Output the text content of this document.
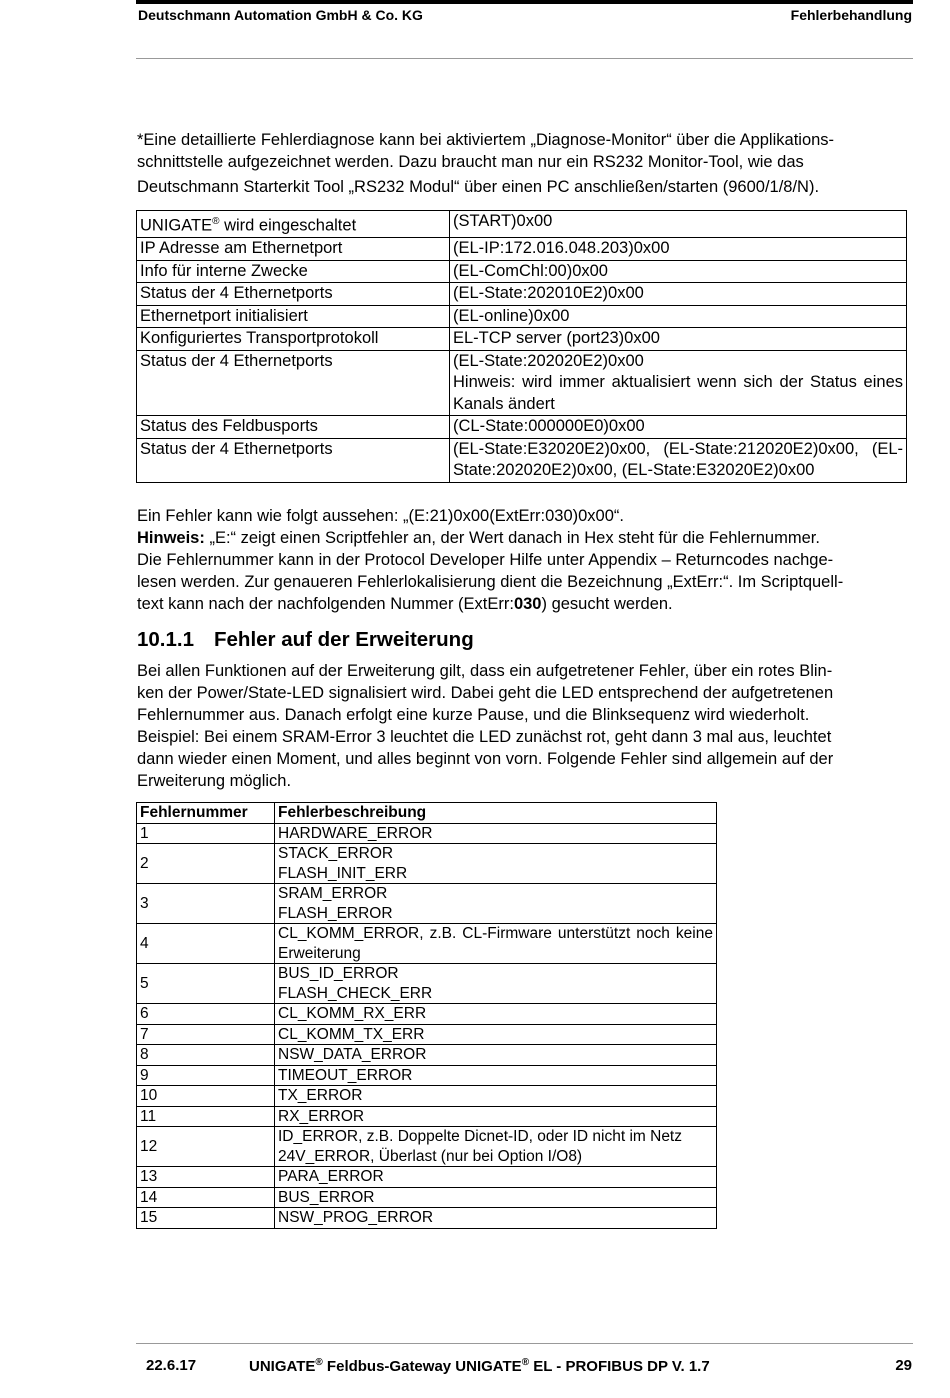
Deutschmann Automation GmbH & Co. KG	Fehlerbehandlung

*Eine detaillierte Fehlerdiagnose kann bei aktiviertem „Diagnose-Monitor“ über die Applikations-
schnittstelle aufgezeichnet werden. Dazu braucht man nur ein RS232 Monitor-Tool, wie das
Deutschmann Starterkit Tool „RS232 Modul“ über einen PC anschließen/starten (9600/1/8/N).

UNIGATE® wird eingeschaltet	(START)0x00

IP Adresse am Ethernetport	(EL-IP:172.016.048.203)0x00

Info für interne Zwecke	(EL-ComChl:00)0x00

Status der 4 Ethernetports	(EL-State:202010E2)0x00

Ethernetport initialisiert	(EL-online)0x00

Konfiguriertes Transportprotokoll	EL-TCP server (port23)0x00

Status der 4 Ethernetports	(EL-State:202020E2)0x00
Hinweis: wird immer aktualisiert wenn sich der Status eines Kanals ändert

Status des Feldbusports	(CL-State:000000E0)0x00

Status der 4 Ethernetports	(EL-State:E32020E2)0x00, (EL-State:212020E2)0x00, (EL-State:202020E2)0x00, (EL-State:E32020E2)0x00

Ein Fehler kann wie folgt aussehen: „(E:21)0x00(ExtErr:030)0x00“.
Hinweis: „E:“ zeigt einen Scriptfehler an, der Wert danach in Hex steht für die Fehlernummer.
Die Fehlernummer kann in der Protocol Developer Hilfe unter Appendix – Returncodes nachge-
lesen werden. Zur genaueren Fehlerlokalisierung dient die Bezeichnung „ExtErr:“. Im Scriptquell-
text kann nach der nachfolgenden Nummer (ExtErr:030) gesucht werden.

10.1.1 Fehler auf der Erweiterung

Bei allen Funktionen auf der Erweiterung gilt, dass ein aufgetretener Fehler, über ein rotes Blin-
ken der Power/State-LED signalisiert wird. Dabei geht die LED entsprechend der aufgetretenen
Fehlernummer aus. Danach erfolgt eine kurze Pause, und die Blinksequenz wird wiederholt.
Beispiel: Bei einem SRAM-Error 3 leuchtet die LED zunächst rot, geht dann 3 mal aus, leuchtet
dann wieder einen Moment, und alles beginnt von vorn. Folgende Fehler sind allgemein auf der
Erweiterung möglich.

Fehlernummer	Fehlerbeschreibung
1	HARDWARE_ERROR

2	STACK_ERROR
FLASH_INIT_ERR

3	SRAM_ERROR
FLASH_ERROR

4	CL_KOMM_ERROR, z.B. CL-Firmware unterstützt noch keine Erweiterung

5	BUS_ID_ERROR
FLASH_CHECK_ERR

6	CL_KOMM_RX_ERR

7	CL_KOMM_TX_ERR

8	NSW_DATA_ERROR

9	TIMEOUT_ERROR

10	TX_ERROR

11	RX_ERROR

12	ID_ERROR, z.B. Doppelte Dicnet-ID, oder ID nicht im Netz
24V_ERROR, Überlast (nur bei Option I/O8)

13	PARA_ERROR

14	BUS_ERROR

15	NSW_PROG_ERROR
22.6.17	UNIGATE® Feldbus-Gateway UNIGATE® EL - PROFIBUS DP V. 1.7	29
